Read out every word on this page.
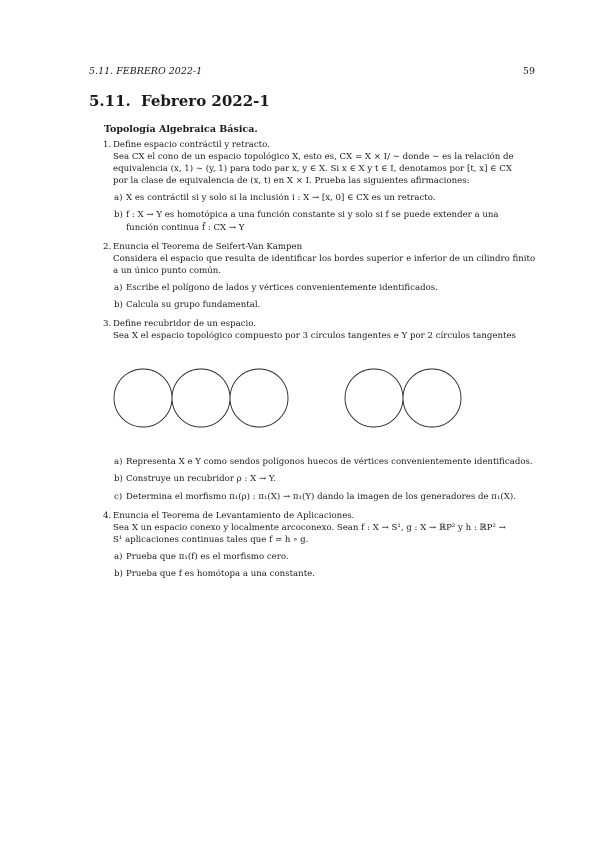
5.11. FEBRERO 2022-1	59
5.11. Febrero 2022-1

Topología Algebraica Básica.

1. Define espacio contráctil y retracto.
Sea CX el cono de un espacio topológico X, esto es, CX = X × I/ ∼ donde ∼ es la relación de
equivalencia (x, 1) ∼ (y, 1) para todo par x, y ∈ X. Si x ∈ X y t ∈ I, denotamos por [t, x] ∈ CX
por la clase de equivalencia de (x, t) en X × I. Prueba las siguientes afirmaciones:
a) X es contráctil si y solo si la inclusión i : X → [x, 0] ∈ CX es un retracto.
b) f : X → Y es homotópica a una función constante si y solo si f se puede extender a una
función continua f̃ : CX → Y
2. Enuncia el Teorema de Seifert-Van Kampen
Considera el espacio que resulta de identificar los bordes superior e inferior de un cilindro finito
a un único punto común.
a) Escribe el polígono de lados y vértices convenientemente identificados.
b) Calcula su grupo fundamental.
3. Define recubridor de un espacio.
Sea X el espacio topológico compuesto por 3 círculos tangentes e Y por 2 círculos tangentes
a) Representa X e Y como sendos polígonos huecos de vértices convenientemente identificados.
b) Construye un recubridor ρ : X → Y.
c) Determina el morfismo π₁(ρ) : π₁(X) → π₁(Y) dando la imagen de los generadores de π₁(X).
4. Enuncia el Teorema de Levantamiento de Aplicaciones.
Sea X un espacio conexo y localmente arcoconexo. Sean f : X → S¹, g : X → ℝP² y h : ℝP² →
S¹ aplicaciones continuas tales que f ≃ h ∘ g.
a) Prueba que π₁(f) es el morfismo cero.
b) Prueba que f es homótopa a una constante.
